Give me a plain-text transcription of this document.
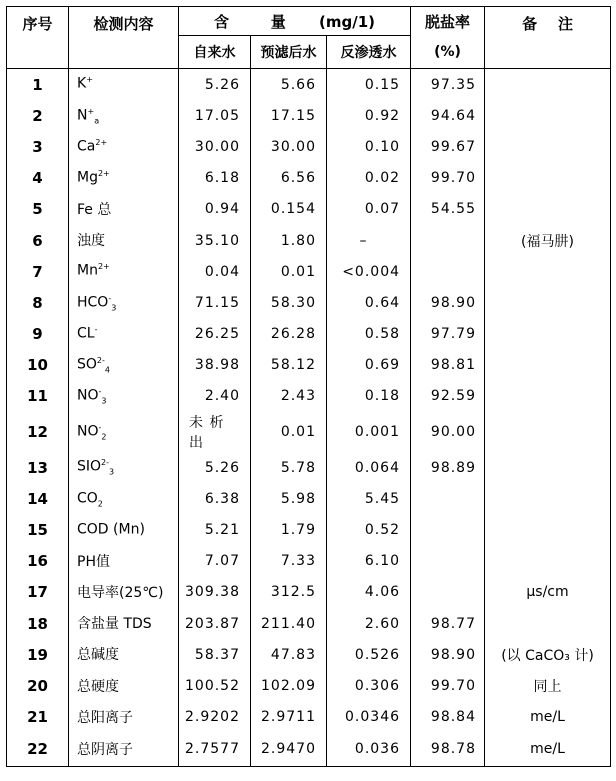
序号	检测内容	含        量 (mg/1)			脱盐率	备    注
		自来水	预滤后水	反渗透水	(%)	
1	K+	5.26	5.66	0.15	97.35	
2	$N^+_a$	17.05	17.15	0.92	94.64	
3	$Ca^{2+}$	30.00	30.00	0.10	99.67	
4	$Mg^{2+}$	6.18	6.56	0.02	99.70	
5	Fe 总	0.94	0.154	0.07	54.55	
6	浊度	35.10	1.80	–		(福马肼)
7	$Mn^{2+}$	0.04	0.01	<0.004		
8	$HCO^-_3$	71.15	58.30	0.64	98.90	
9	CL-	26.25	26.28	0.58	97.79	
10	$SO^{2-}_4$	38.98	58.12	0.69	98.81	
11	$NO^-_3$	2.40	2.43	0.18	92.59	
12	$NO^-_2$	未 析 出	0.01	0.001	90.00	
13	$SIO^{2-}_3$	5.26	5.78	0.064	98.89	
14	$CO_2$	6.38	5.98	5.45		
15	COD (Mn)	5.21	1.79	0.52		
16	PH值	7.07	7.33	6.10		
17	电导率(25℃)	309.38	312.5	4.06		μs/cm
18	含盐量 TDS	203.87	211.40	2.60	98.77	
19	总碱度	58.37	47.83	0.526	98.90	(以 CaCO₃ 计)
20	总硬度	100.52	102.09	0.306	99.70	同上
21	总阳离子	2.9202	2.9711	0.0346	98.84	me/L
22	总阴离子	2.7577	2.9470	0.036	98.78	me/L
